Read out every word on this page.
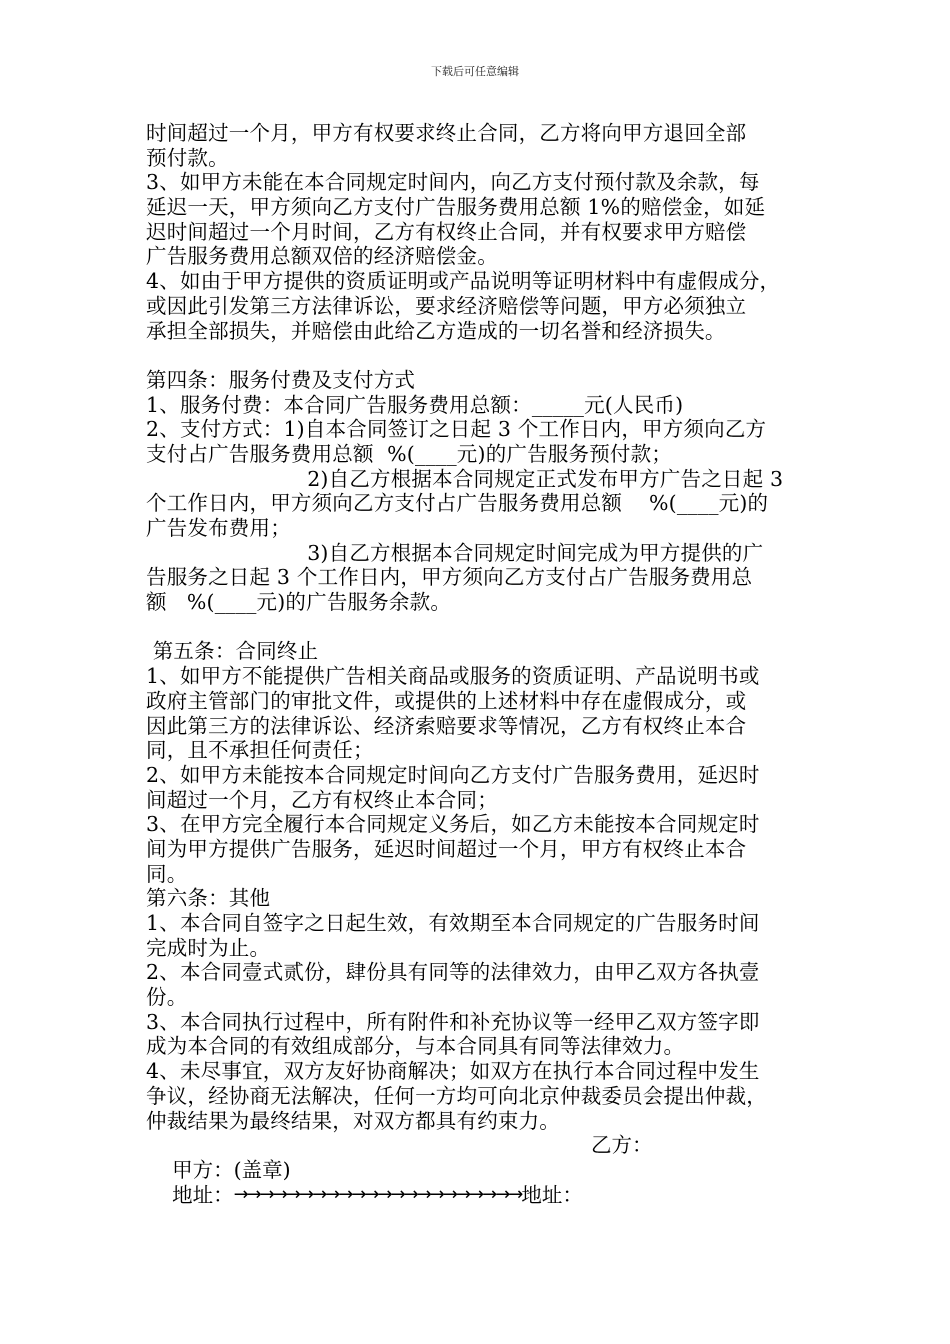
下载后可任意编辑
时间超过一个月，甲方有权要求终止合同，乙方将向甲方退回全部
预付款。
3、如甲方未能在本合同规定时间内，向乙方支付预付款及余款，每
延迟一天，甲方须向乙方支付广告服务费用总额 1%的赔偿金，如延
迟时间超过一个月时间，乙方有权终止合同，并有权要求甲方赔偿
广告服务费用总额双倍的经济赔偿金。
4、如由于甲方提供的资质证明或产品说明等证明材料中有虚假成分，
或因此引发第三方法律诉讼，要求经济赔偿等问题，甲方必须独立
承担全部损失，并赔偿由此给乙方造成的一切名誉和经济损失。
第四条：服务付费及支付方式
1、服务付费：本合同广告服务费用总额：_____元(人民币)
2、支付方式：1)自本合同签订之日起 3 个工作日内，甲方须向乙方
支付占广告服务费用总额  %(____元)的广告服务预付款；
2)自乙方根据本合同规定正式发布甲方广告之日起 3
个工作日内，甲方须向乙方支付占广告服务费用总额    %(____元)的
广告发布费用；
3)自乙方根据本合同规定时间完成为甲方提供的广
告服务之日起 3 个工作日内，甲方须向乙方支付占广告服务费用总
额   %(____元)的广告服务余款。
第五条：合同终止
1、如甲方不能提供广告相关商品或服务的资质证明、产品说明书或
政府主管部门的审批文件，或提供的上述材料中存在虚假成分，或
因此第三方的法律诉讼、经济索赔要求等情况，乙方有权终止本合
同，且不承担任何责任；
2、如甲方未能按本合同规定时间向乙方支付广告服务费用，延迟时
间超过一个月，乙方有权终止本合同；
3、在甲方完全履行本合同规定义务后，如乙方未能按本合同规定时
间为甲方提供广告服务，延迟时间超过一个月，甲方有权终止本合
同。
第六条：其他
1、本合同自签字之日起生效，有效期至本合同规定的广告服务时间
完成时为止。
2、本合同壹式贰份，肆份具有同等的法律效力，由甲乙双方各执壹
份。
3、本合同执行过程中，所有附件和补充协议等一经甲乙双方签字即
成为本合同的有效组成部分，与本合同具有同等法律效力。
4、未尽事宜，双方友好协商解决；如双方在执行本合同过程中发生
争议，经协商无法解决，任何一方均可向北京仲裁委员会提出仲裁，
仲裁结果为最终结果，对双方都具有约束力。

甲方：(盖章)

乙方：

地址：→→→→→→→→→→→→→→→→→→→→→→地址：
